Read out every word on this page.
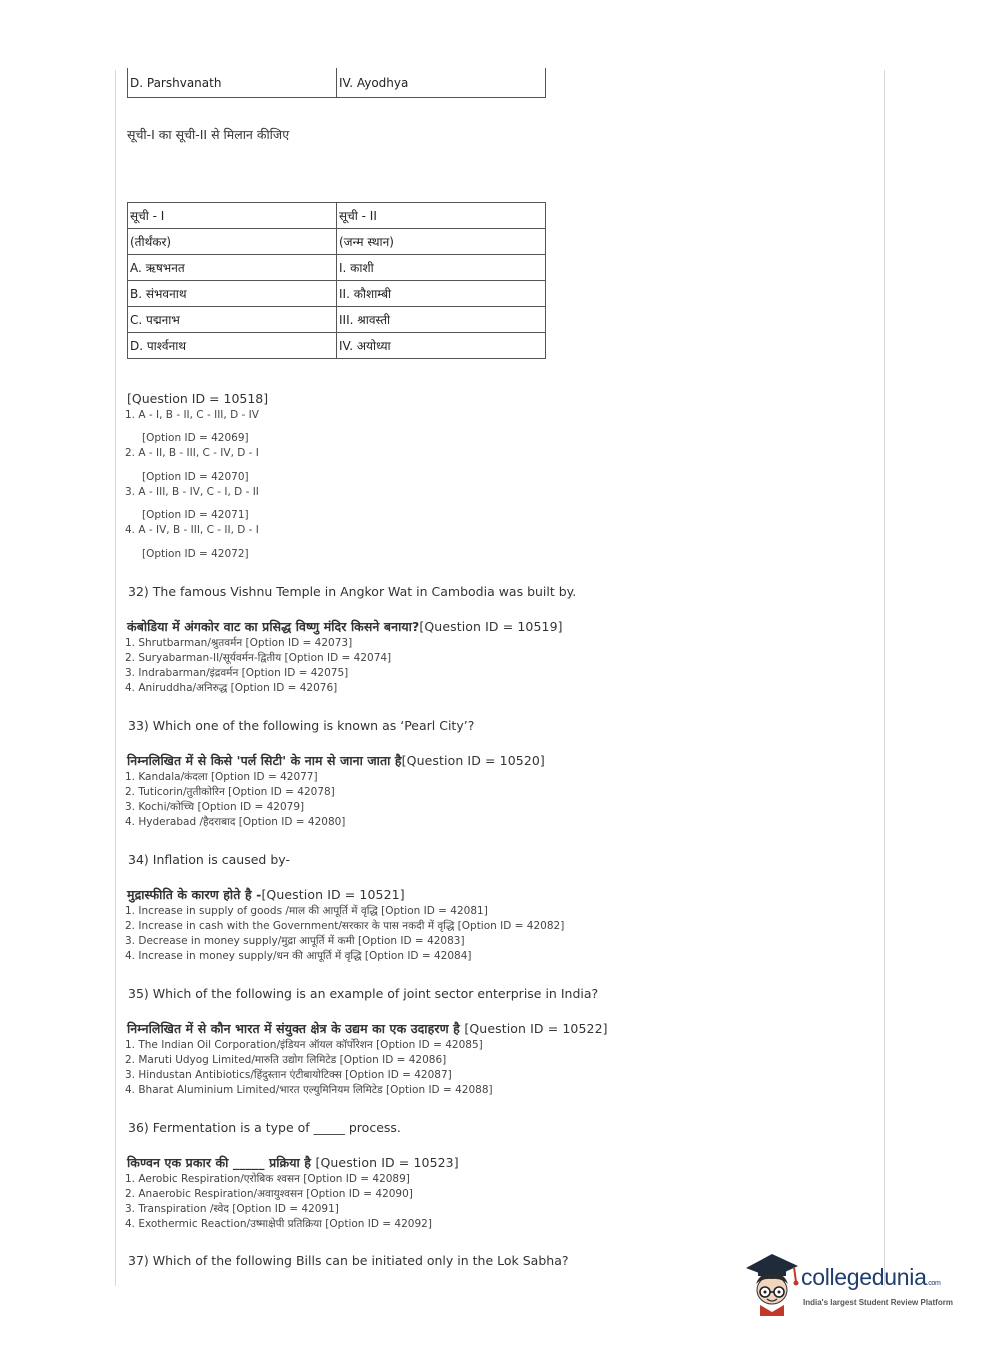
D. Parshvanath	IV. Ayodhya
सूची-I का सूची-II से मिलान कीजिए
सूची - I	सूची - II
(तीर्थंकर)	(जन्म स्थान)
A. ऋषभनत	I. काशी
B. संभवनाथ	II. कौशाम्बी
C. पद्मनाभ	III. श्रावस्ती
D. पार्श्वनाथ	IV. अयोध्या
[Question ID = 10518]
1. A - I, B - II, C - III, D - IV
[Option ID = 42069]
2. A - II, B - III, C - IV, D - I
[Option ID = 42070]
3. A - III, B - IV, C - I, D - II
[Option ID = 42071]
4. A - IV, B - III, C - II, D - I
[Option ID = 42072]
32) The famous Vishnu Temple in Angkor Wat in Cambodia was built by.
कंबोडिया में अंगकोर वाट का प्रसिद्ध विष्णु मंदिर किसने बनाया?[Question ID = 10519]
1. Shrutbarman/श्रुतवर्मन [Option ID = 42073]
2. Suryabarman-II/सूर्यवर्मन-द्वितीय [Option ID = 42074]
3. Indrabarman/इंद्रवर्मन [Option ID = 42075]
4. Aniruddha/अनिरुद्ध [Option ID = 42076]
33) Which one of the following is known as ‘Pearl City’?
निम्नलिखित में से किसे 'पर्ल सिटी' के नाम से जाना जाता है[Question ID = 10520]
1. Kandala/कंदला [Option ID = 42077]
2. Tuticorin/तुतीकोरिन [Option ID = 42078]
3. Kochi/कोच्चि [Option ID = 42079]
4. Hyderabad /हैदराबाद [Option ID = 42080]
34) Inflation is caused by-
मुद्रास्फीति के कारण होते है -[Question ID = 10521]
1. Increase in supply of goods /माल की आपूर्ति में वृद्धि [Option ID = 42081]
2. Increase in cash with the Government/सरकार के पास नकदी में वृद्धि [Option ID = 42082]
3. Decrease in money supply/मुद्रा आपूर्ति में कमी [Option ID = 42083]
4. Increase in money supply/धन की आपूर्ति में वृद्धि [Option ID = 42084]
35) Which of the following is an example of joint sector enterprise in India?
निम्नलिखित में से कौन भारत में संयुक्त क्षेत्र के उद्यम का एक उदाहरण है [Question ID = 10522]
1. The Indian Oil Corporation/इंडियन ऑयल कॉर्पोरेशन [Option ID = 42085]
2. Maruti Udyog Limited/मारुति उद्योग लिमिटेड [Option ID = 42086]
3. Hindustan Antibiotics/हिंदुस्तान एंटीबायोटिक्स [Option ID = 42087]
4. Bharat Aluminium Limited/भारत एल्युमिनियम लिमिटेड [Option ID = 42088]
36) Fermentation is a type of _____ process.
किण्वन एक प्रकार की _____ प्रक्रिया है [Question ID = 10523]
1. Aerobic Respiration/एरोबिक श्वसन [Option ID = 42089]
2. Anaerobic Respiration/अवायुश्वसन [Option ID = 42090]
3. Transpiration /स्वेद [Option ID = 42091]
4. Exothermic Reaction/उष्माक्षेपी प्रतिक्रिया [Option ID = 42092]
37) Which of the following Bills can be initiated only in the Lok Sabha?
collegedunia.com
India's largest Student Review Platform
